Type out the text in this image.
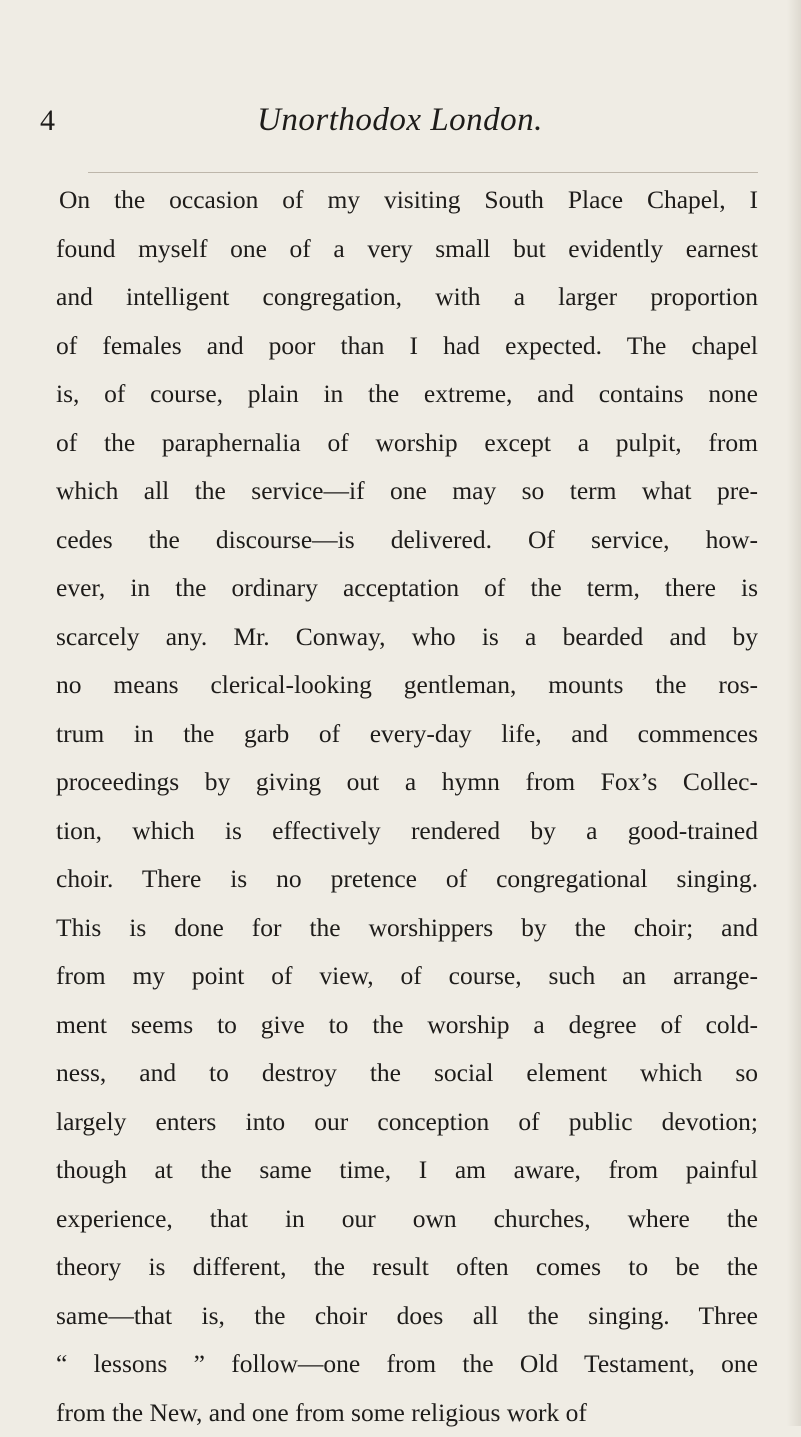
4	Unorthodox London.
On the occasion of my visiting South Place Chapel, I
found myself one of a very small but evidently earnest
and intelligent congregation, with a larger proportion
of females and poor than I had expected. The chapel
is, of course, plain in the extreme, and contains none
of the paraphernalia of worship except a pulpit, from
which all the service—if one may so term what pre-
cedes the discourse—is delivered. Of service, how-
ever, in the ordinary acceptation of the term, there is
scarcely any. Mr. Conway, who is a bearded and by
no means clerical-looking gentleman, mounts the ros-
trum in the garb of every-day life, and commences
proceedings by giving out a hymn from Fox’s Collec-
tion, which is effectively rendered by a good-trained
choir. There is no pretence of congregational singing.
This is done for the worshippers by the choir; and
from my point of view, of course, such an arrange-
ment seems to give to the worship a degree of cold-
ness, and to destroy the social element which so
largely enters into our conception of public devotion;
though at the same time, I am aware, from painful
experience, that in our own churches, where the
theory is different, the result often comes to be the
same—that is, the choir does all the singing. Three
“ lessons ” follow—one from the Old Testament, one
from the New, and one from some religious work of
